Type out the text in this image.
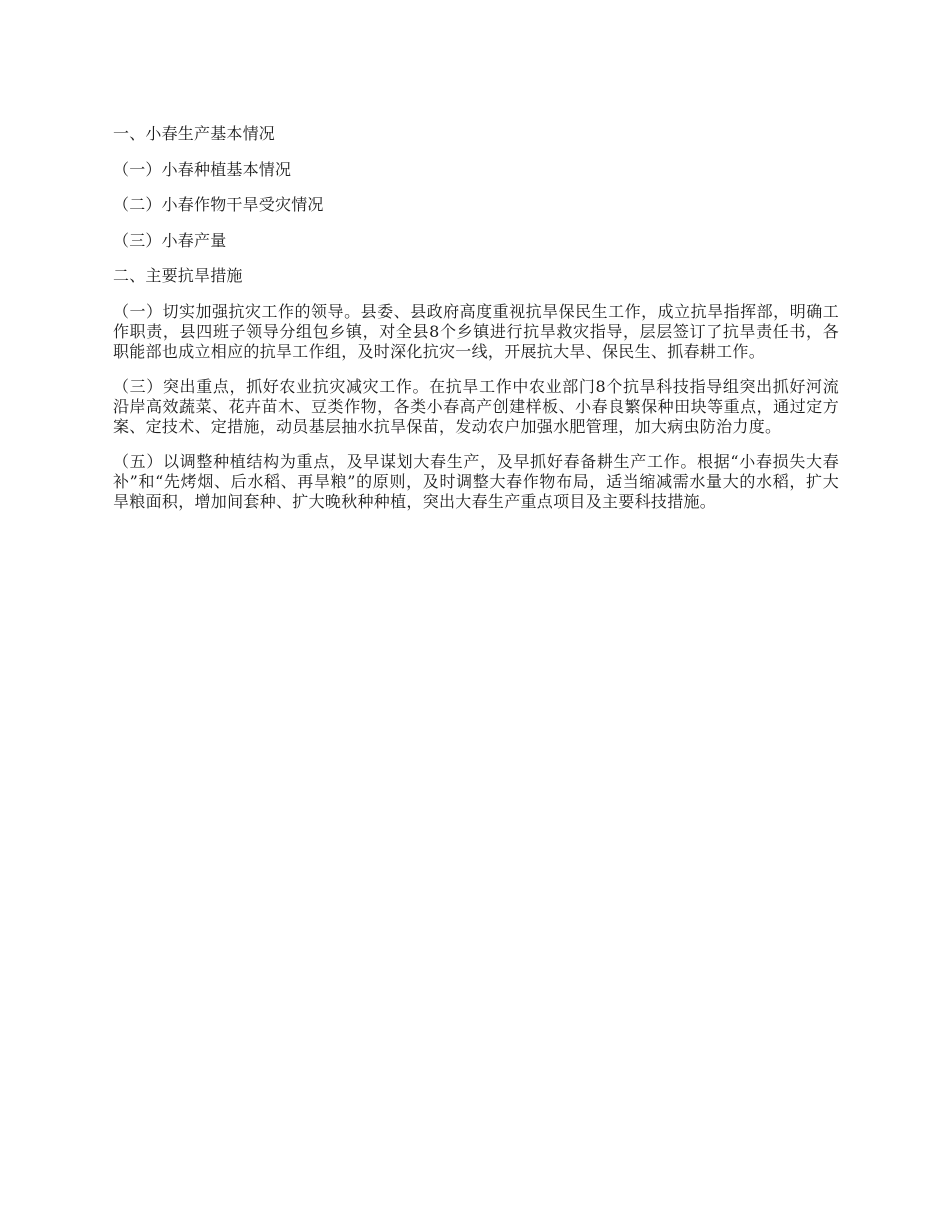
一、小春生产基本情况
（一）小春种植基本情况
（二）小春作物干旱受灾情况
（三）小春产量
二、主要抗旱措施
（一）切实加强抗灾工作的领导。县委、县政府高度重视抗旱保民生工作，成立抗旱指挥部，明确工作职责，县四班子领导分组包乡镇，对全县8个乡镇进行抗旱救灾指导，层层签订了抗旱责任书，各职能部也成立相应的抗旱工作组，及时深化抗灾一线，开展抗大旱、保民生、抓春耕工作。
（三）突出重点，抓好农业抗灾减灾工作。在抗旱工作中农业部门8个抗旱科技指导组突出抓好河流沿岸高效蔬菜、花卉苗木、豆类作物，各类小春高产创建样板、小春良繁保种田块等重点，通过定方案、定技术、定措施，动员基层抽水抗旱保苗，发动农户加强水肥管理，加大病虫防治力度。
（五）以调整种植结构为重点，及早谋划大春生产，及早抓好春备耕生产工作。根据“小春损失大春补”和“先烤烟、后水稻、再旱粮”的原则，及时调整大春作物布局，适当缩减需水量大的水稻，扩大旱粮面积，增加间套种、扩大晚秋种种植，突出大春生产重点项目及主要科技措施。
